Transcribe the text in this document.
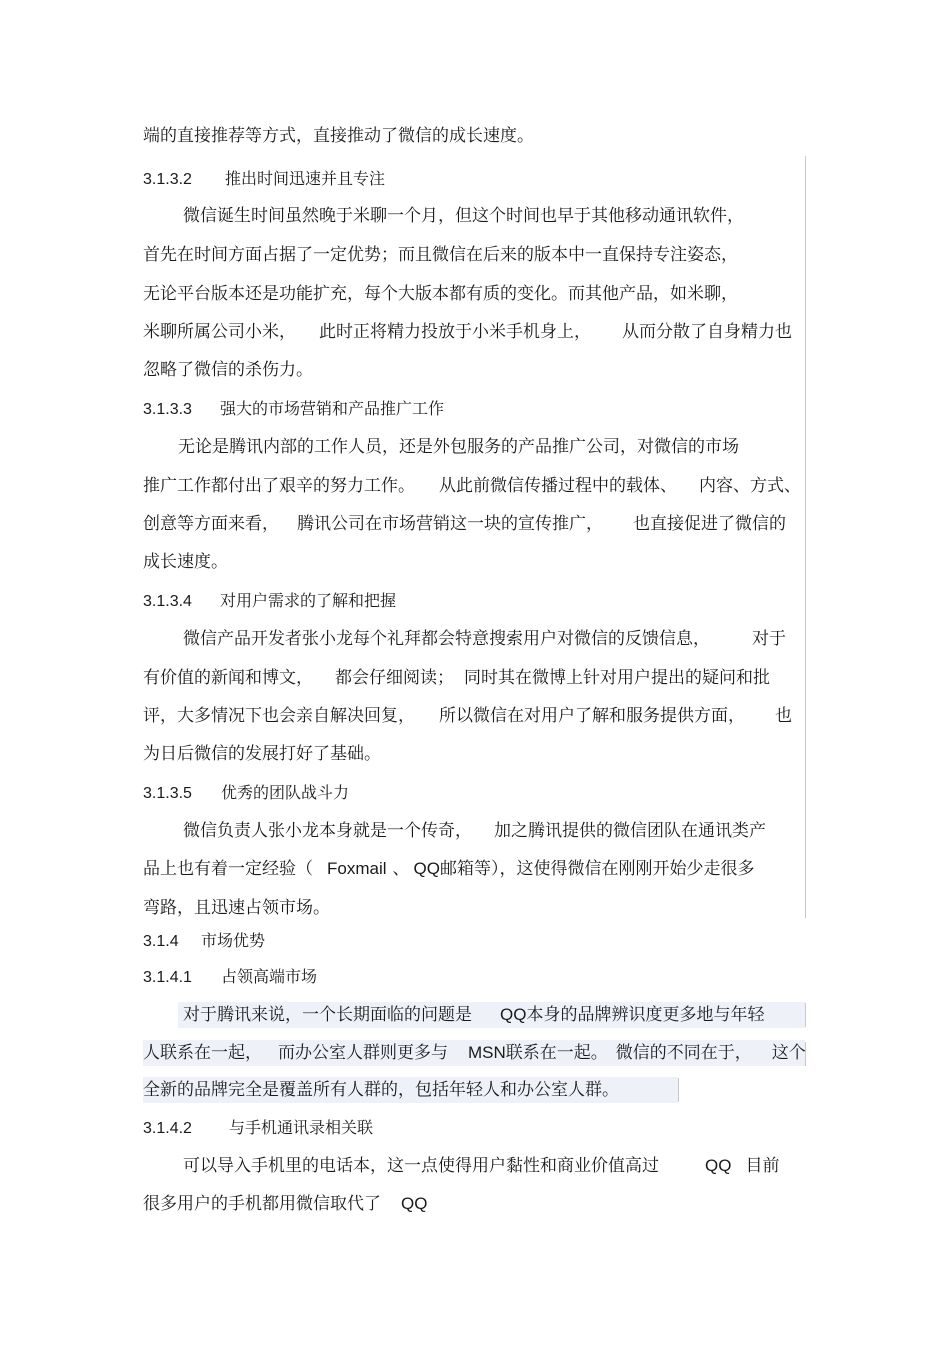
端的直接推荐等方式，直接推动了微信的成长速度。
3.1.3.2 推出时间迅速并且专注
微信诞生时间虽然晚于米聊一个月，但这个时间也早于其他移动通讯软件，
首先在时间方面占据了一定优势；而且微信在后来的版本中一直保持专注姿态，
无论平台版本还是功能扩充，每个大版本都有质的变化。而其他产品，如米聊，
米聊所属公司小米， 此时正将精力投放于小米手机身上， 从而分散了自身精力也
忽略了微信的杀伤力。
3.1.3.3 强大的市场营销和产品推广工作
无论是腾讯内部的工作人员，还是外包服务的产品推广公司，对微信的市场
推广工作都付出了艰辛的努力工作。 从此前微信传播过程中的载体、 内容、方式、
创意等方面来看， 腾讯公司在市场营销这一块的宣传推广， 也直接促进了微信的
成长速度。
3.1.3.4 对用户需求的了解和把握
微信产品开发者张小龙每个礼拜都会特意搜索用户对微信的反馈信息， 对于
有价值的新闻和博文， 都会仔细阅读； 同时其在微博上针对用户提出的疑问和批
评，大多情况下也会亲自解决回复， 所以微信在对用户了解和服务提供方面， 也
为日后微信的发展打好了基础。
3.1.3.5 优秀的团队战斗力
微信负责人张小龙本身就是一个传奇， 加之腾讯提供的微信团队在通讯类产
品上也有着一定经验（ Foxmail 、 QQ邮箱等），这使得微信在刚刚开始少走很多
弯路，且迅速占领市场。
3.1.4 市场优势
3.1.4.1 占领高端市场
对于腾讯来说，一个长期面临的问题是 QQ本身的品牌辨识度更多地与年轻
人联系在一起， 而办公室人群则更多与 MSN联系在一起。 微信的不同在于， 这个
全新的品牌完全是覆盖所有人群的，包括年轻人和办公室人群。
3.1.4.2 与手机通讯录相关联
可以导入手机里的电话本，这一点使得用户黏性和商业价值高过	QQ 目前
很多用户的手机都用微信取代了 QQ
